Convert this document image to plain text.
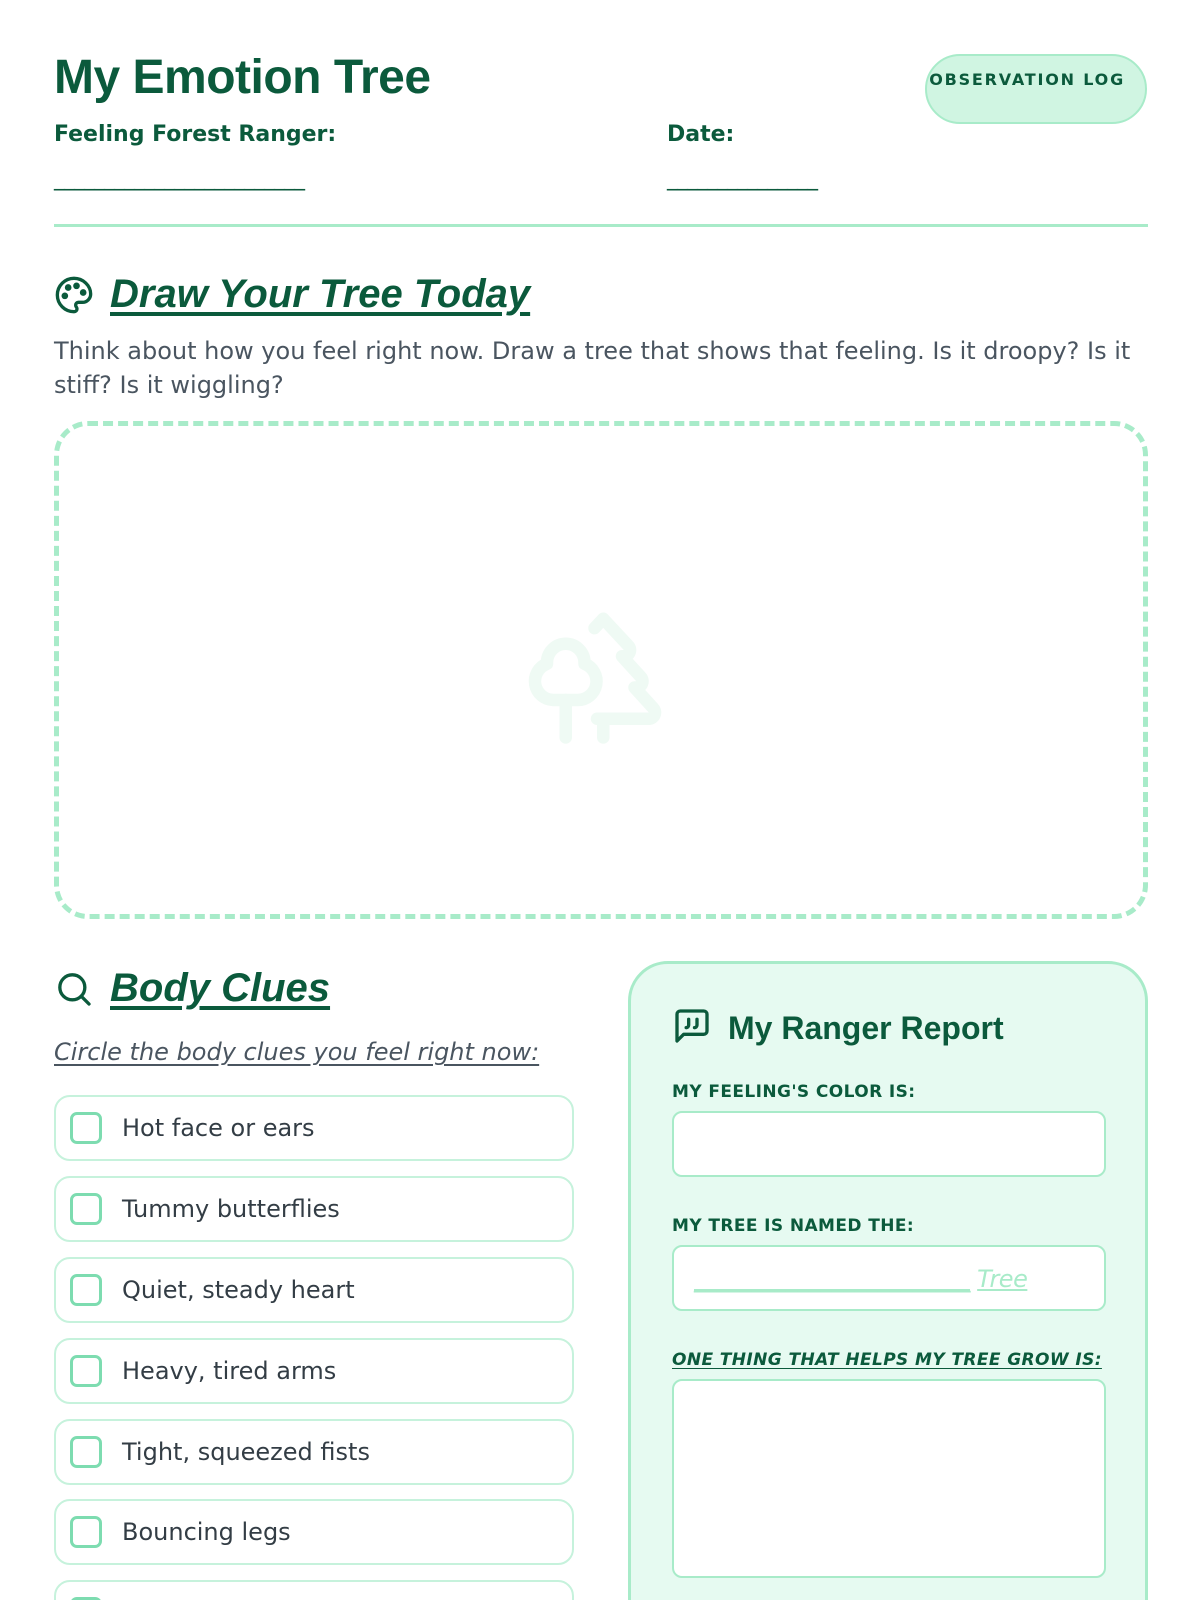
My Emotion Tree	OBSERVATION LOG
Feeling Forest Ranger:
_________________________
Date:
_______________
Draw Your Tree Today
Think about how you feel right now. Draw a tree that shows that feeling. Is it droopy? Is it stiff? Is it wiggling?
Body Clues
Circle the body clues you feel right now:
Hot face or ears
Tummy butterflies
Quiet, steady heart
Heavy, tired arms
Tight, squeezed fists
Bouncing legs
My Ranger Report
MY FEELING'S COLOR IS:
MY TREE IS NAMED THE:
________________________ Tree
ONE THING THAT HELPS MY TREE GROW IS:
